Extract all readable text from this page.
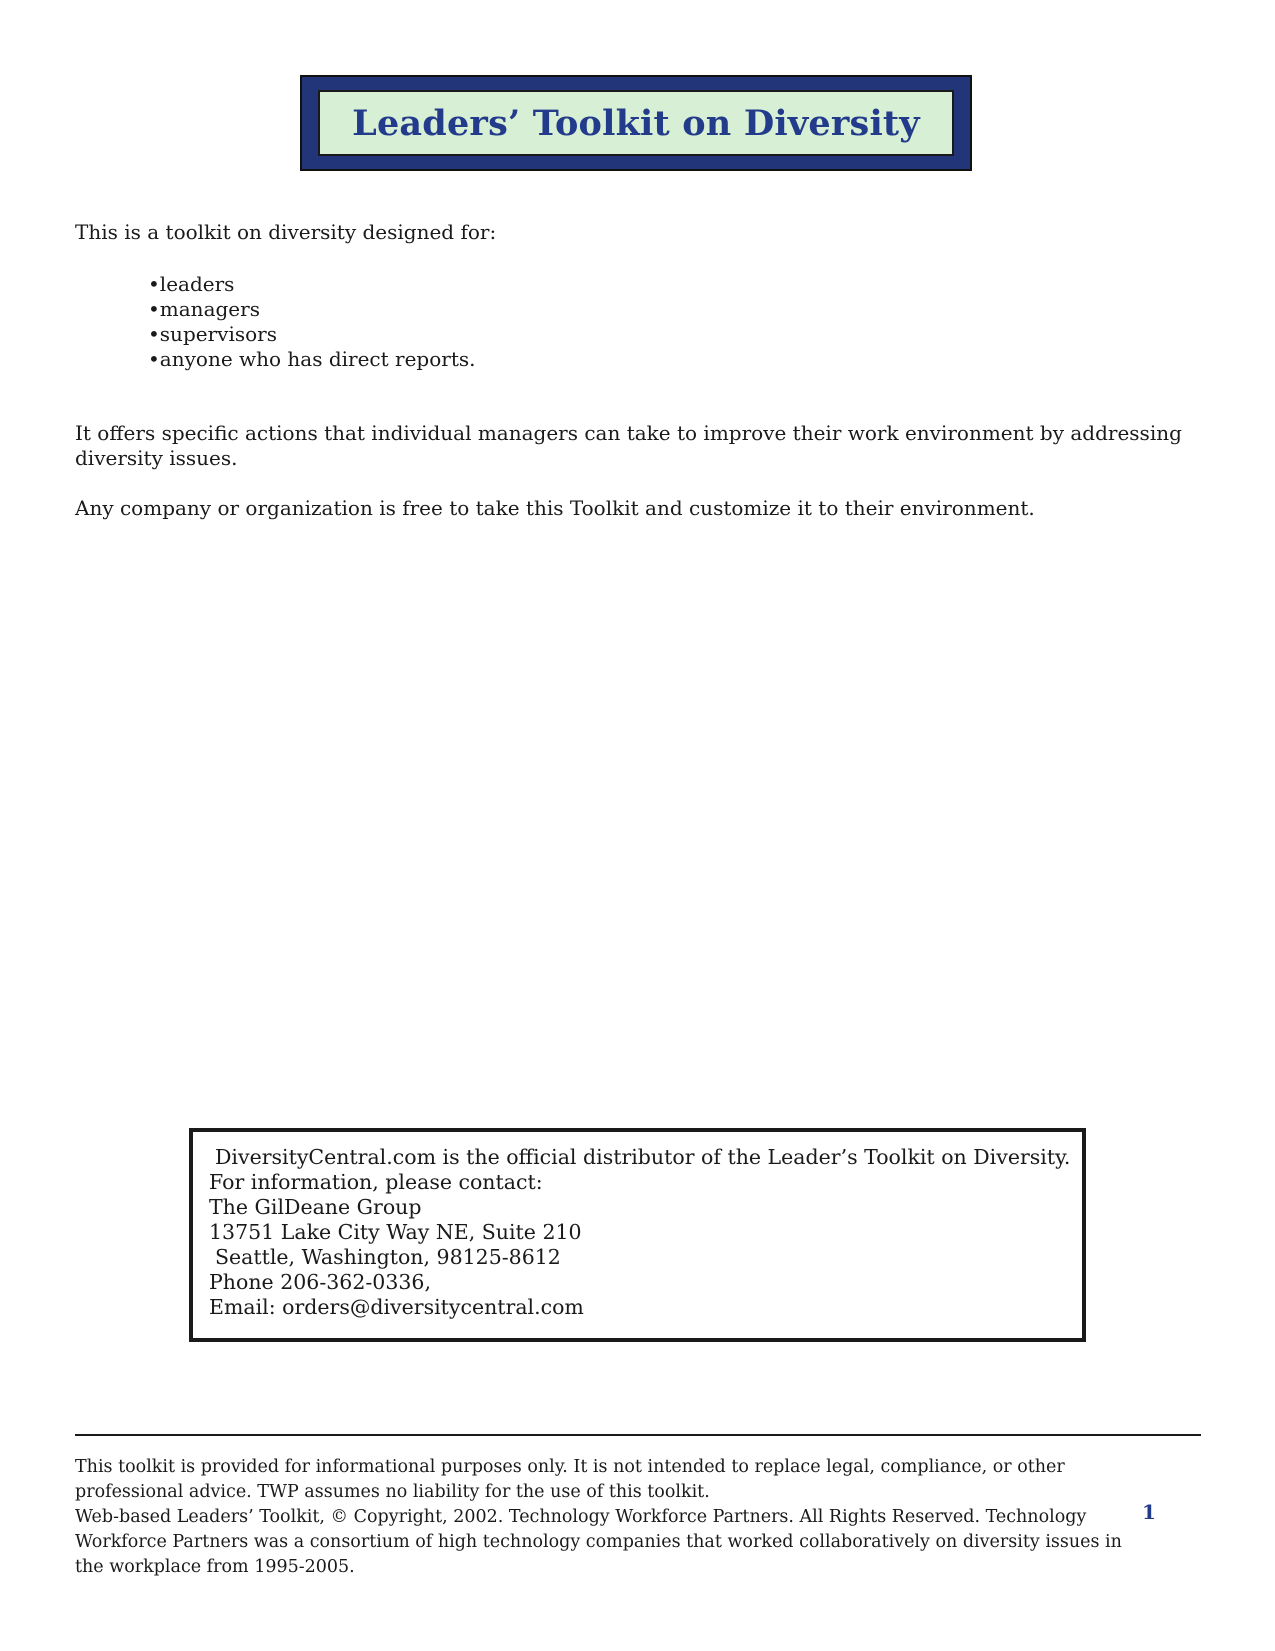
Leaders’ Toolkit on Diversity
This is a toolkit on diversity designed for:
•leaders
•managers
•supervisors
•anyone who has direct reports.
It offers specific actions that individual managers can take to improve their work environment by addressing diversity issues.
Any company or organization is free to take this Toolkit and customize it to their environment.
DiversityCentral.com is the official distributor of the Leader’s Toolkit on Diversity.
For information, please contact:
The GilDeane Group
13751 Lake City Way NE, Suite 210
Seattle, Washington, 98125-8612
Phone 206-362-0336,
Email: orders@diversitycentral.com
This toolkit is provided for informational purposes only. It is not intended to replace legal, compliance, or other professional advice. TWP assumes no liability for the use of this toolkit.
Web-based Leaders’ Toolkit, © Copyright, 2002. Technology Workforce Partners. All Rights Reserved. Technology Workforce Partners was a consortium of high technology companies that worked collaboratively on diversity issues in the workplace from 1995-2005.
1
